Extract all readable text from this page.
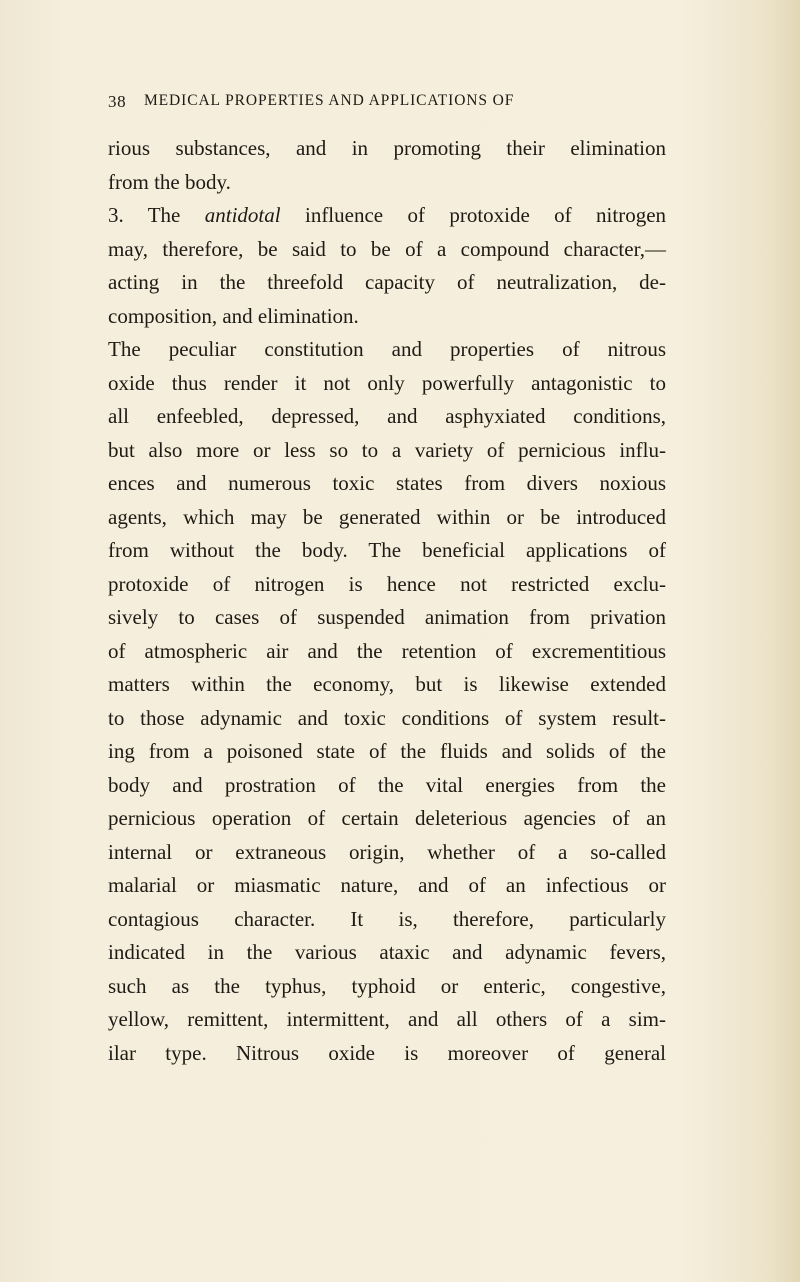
38 MEDICAL PROPERTIES AND APPLICATIONS OF
rious substances, and in promoting their elimination
from the body.
3. The antidotal influence of protoxide of nitrogen
may, therefore, be said to be of a compound character,—
acting in the threefold capacity of neutralization, de-
composition, and elimination.
The peculiar constitution and properties of nitrous
oxide thus render it not only powerfully antagonistic to
all enfeebled, depressed, and asphyxiated conditions,
but also more or less so to a variety of pernicious influ-
ences and numerous toxic states from divers noxious
agents, which may be generated within or be introduced
from without the body. The beneficial applications of
protoxide of nitrogen is hence not restricted exclu-
sively to cases of suspended animation from privation
of atmospheric air and the retention of excrementitious
matters within the economy, but is likewise extended
to those adynamic and toxic conditions of system result-
ing from a poisoned state of the fluids and solids of the
body and prostration of the vital energies from the
pernicious operation of certain deleterious agencies of an
internal or extraneous origin, whether of a so-called
malarial or miasmatic nature, and of an infectious or
contagious character. It is, therefore, particularly
indicated in the various ataxic and adynamic fevers,
such as the typhus, typhoid or enteric, congestive,
yellow, remittent, intermittent, and all others of a sim-
ilar type. Nitrous oxide is moreover of general
